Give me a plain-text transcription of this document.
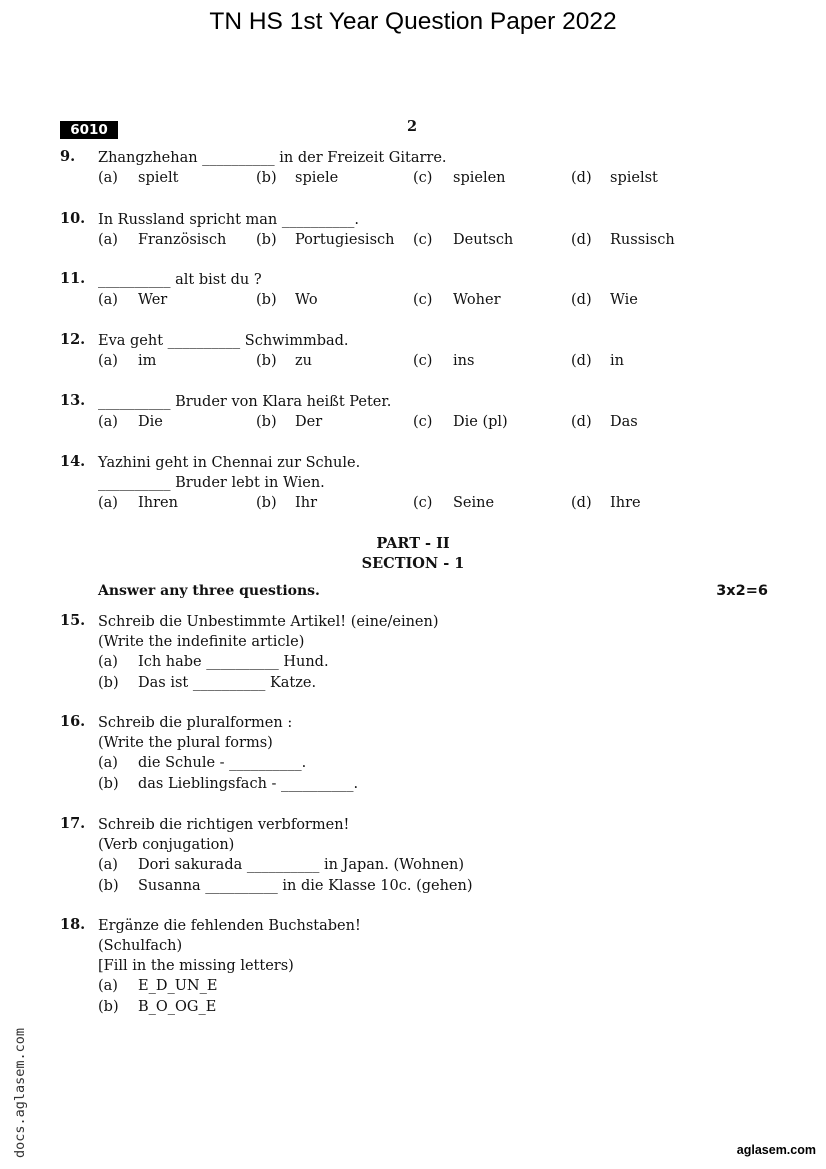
TN HS 1st Year Question Paper 2022
6010	2
9. Zhangzhehan __________ in der Freizeit Gitarre.
(a) spielt	(b) spiele	(c) spielen	(d) spielst
10. In Russland spricht man __________.
(a) Französisch (b) Portugiesisch (c) Deutsch	(d) Russisch
11. __________ alt bist du ?
(a) Wer	(b) Wo	(c) Woher	(d) Wie
12. Eva geht __________ Schwimmbad.
(a) im	(b) zu	(c) ins	(d) in
13. __________ Bruder von Klara heißt Peter.
(a) Die	(b) Der	(c) Die (pl)	(d) Das
14. Yazhini geht in Chennai zur Schule.
__________ Bruder lebt in Wien.
(a) Ihren	(b) Ihr	(c) Seine	(d) Ihre
PART - II
SECTION - 1
Answer any three questions.	3x2=6
15. Schreib die Unbestimmte Artikel! (eine/einen)
(Write the indefinite article)
(a) Ich habe __________ Hund.
(b) Das ist __________ Katze.
16. Schreib die pluralformen :
(Write the plural forms)
(a) die Schule - __________.
(b) das Lieblingsfach - __________.
17. Schreib die richtigen verbformen!
(Verb conjugation)
(a) Dori sakurada __________ in Japan. (Wohnen)
(b) Susanna __________ in die Klasse 10c. (gehen)
18. Ergänze die fehlenden Buchstaben!
(Schulfach)
[Fill in the missing letters)
(a) E_D_UN_E
(b) B_O_OG_E
docs.aglasem.com	aglasem.com
